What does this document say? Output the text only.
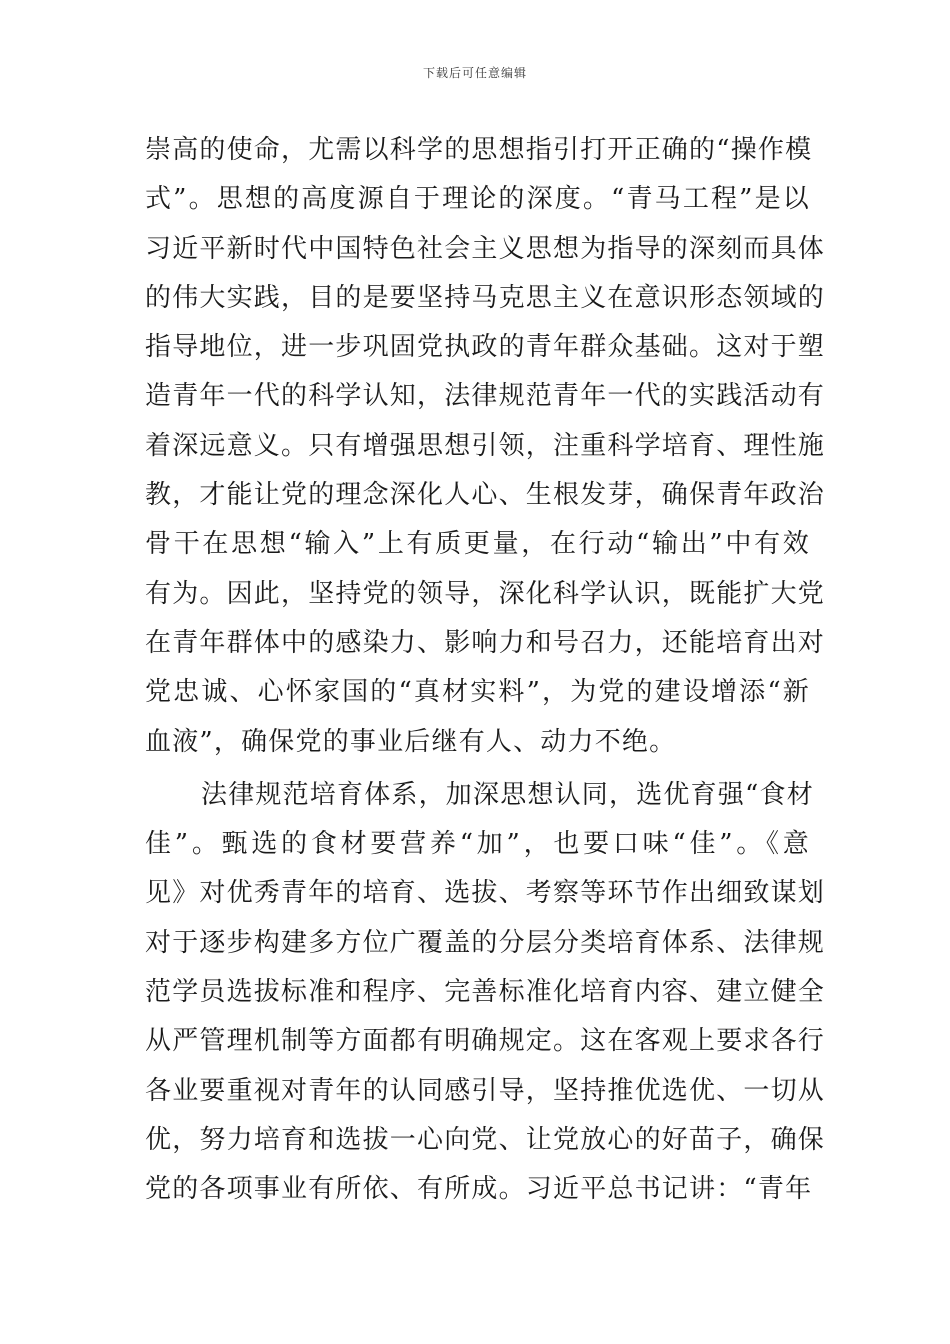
下载后可任意编辑
崇高的使命，尤需以科学的思想指引打开正确的“操作模
式”。思想的高度源自于理论的深度。“青马工程”是以
习近平新时代中国特色社会主义思想为指导的深刻而具体
的伟大实践，目的是要坚持马克思主义在意识形态领域的
指导地位，进一步巩固党执政的青年群众基础。这对于塑
造青年一代的科学认知，法律规范青年一代的实践活动有
着深远意义。只有增强思想引领，注重科学培育、理性施
教，才能让党的理念深化人心、生根发芽，确保青年政治
骨干在思想“输入”上有质更量，在行动“输出”中有效
有为。因此，坚持党的领导，深化科学认识，既能扩大党
在青年群体中的感染力、影响力和号召力，还能培育出对
党忠诚、心怀家国的“真材实料”，为党的建设增添“新
血液”，确保党的事业后继有人、动力不绝。
法律规范培育体系，加深思想认同，选优育强“食材
佳”。甄选的食材要营养“加”，也要口味“佳”。《意
见》对优秀青年的培育、选拔、考察等环节作出细致谋划
对于逐步构建多方位广覆盖的分层分类培育体系、法律规
范学员选拔标准和程序、完善标准化培育内容、建立健全
从严管理机制等方面都有明确规定。这在客观上要求各行
各业要重视对青年的认同感引导，坚持推优选优、一切从
优，努力培育和选拔一心向党、让党放心的好苗子，确保
党的各项事业有所依、有所成。习近平总书记讲：“青年
